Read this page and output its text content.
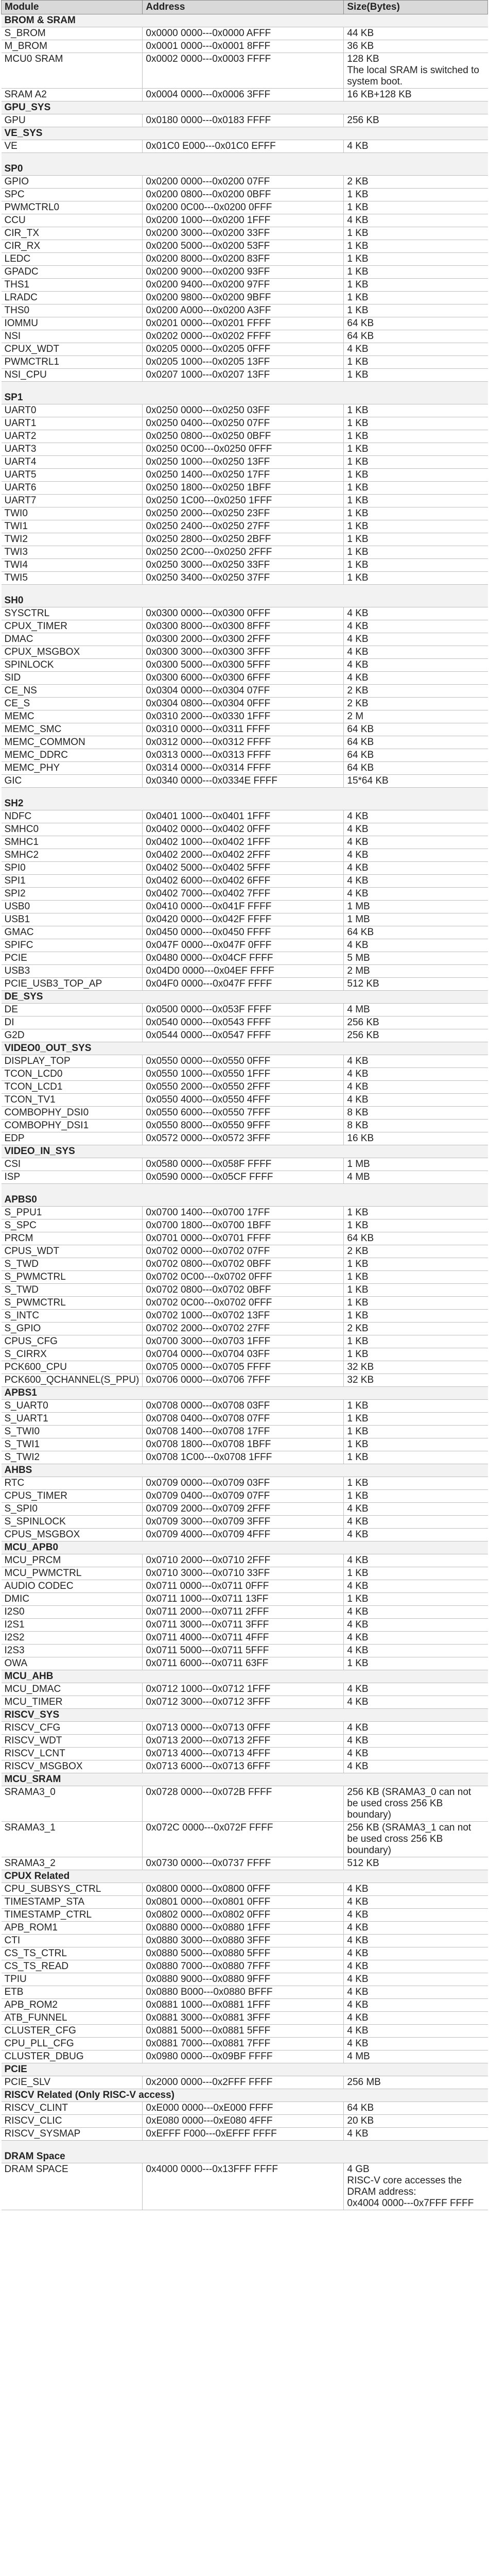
Module	Address	Size(Bytes)
BROM & SRAM		
S_BROM	0x0000 0000---0x0000 AFFF	44 KB
M_BROM	0x0001 0000---0x0001 8FFF	36 KB
MCU0 SRAM	0x0002 0000---0x0003 FFFF	128 KB
The local SRAM is switched to system boot.
SRAM A2	0x0004 0000---0x0006 3FFF	16 KB+128 KB
GPU_SYS		
GPU	0x0180 0000---0x0183 FFFF	256 KB
VE_SYS		
VE	0x01C0 E000---0x01C0 EFFF	4 KB
SP0		
GPIO	0x0200 0000---0x0200 07FF	2 KB
SPC	0x0200 0800---0x0200 0BFF	1 KB
PWMCTRL0	0x0200 0C00---0x0200 0FFF	1 KB
CCU	0x0200 1000---0x0200 1FFF	4 KB
CIR_TX	0x0200 3000---0x0200 33FF	1 KB
CIR_RX	0x0200 5000---0x0200 53FF	1 KB
LEDC	0x0200 8000---0x0200 83FF	1 KB
GPADC	0x0200 9000---0x0200 93FF	1 KB
THS1	0x0200 9400---0x0200 97FF	1 KB
LRADC	0x0200 9800---0x0200 9BFF	1 KB
THS0	0x0200 A000---0x0200 A3FF	1 KB
IOMMU	0x0201 0000---0x0201 FFFF	64 KB
NSI	0x0202 0000---0x0202 FFFF	64 KB
CPUX_WDT	0x0205 0000---0x0205 0FFF	4 KB
PWMCTRL1	0x0205 1000---0x0205 13FF	1 KB
NSI_CPU	0x0207 1000---0x0207 13FF	1 KB
SP1		
UART0	0x0250 0000---0x0250 03FF	1 KB
UART1	0x0250 0400---0x0250 07FF	1 KB
UART2	0x0250 0800---0x0250 0BFF	1 KB
UART3	0x0250 0C00---0x0250 0FFF	1 KB
UART4	0x0250 1000---0x0250 13FF	1 KB
UART5	0x0250 1400---0x0250 17FF	1 KB
UART6	0x0250 1800---0x0250 1BFF	1 KB
UART7	0x0250 1C00---0x0250 1FFF	1 KB
TWI0	0x0250 2000---0x0250 23FF	1 KB
TWI1	0x0250 2400---0x0250 27FF	1 KB
TWI2	0x0250 2800---0x0250 2BFF	1 KB
TWI3	0x0250 2C00---0x0250 2FFF	1 KB
TWI4	0x0250 3000---0x0250 33FF	1 KB
TWI5	0x0250 3400---0x0250 37FF	1 KB
SH0		
SYSCTRL	0x0300 0000---0x0300 0FFF	4 KB
CPUX_TIMER	0x0300 8000---0x0300 8FFF	4 KB
DMAC	0x0300 2000---0x0300 2FFF	4 KB
CPUX_MSGBOX	0x0300 3000---0x0300 3FFF	4 KB
SPINLOCK	0x0300 5000---0x0300 5FFF	4 KB
SID	0x0300 6000---0x0300 6FFF	4 KB
CE_NS	0x0304 0000---0x0304 07FF	2 KB
CE_S	0x0304 0800---0x0304 0FFF	2 KB
MEMC	0x0310 2000---0x0330 1FFF	2 M
MEMC_SMC	0x0310 0000---0x0311 FFFF	64 KB
MEMC_COMMON	0x0312 0000---0x0312 FFFF	64 KB
MEMC_DDRC	0x0313 0000---0x0313 FFFF	64 KB
MEMC_PHY	0x0314 0000---0x0314 FFFF	64 KB
GIC	0x0340 0000---0x0334E FFFF	15*64 KB
SH2		
NDFC	0x0401 1000---0x0401 1FFF	4 KB
SMHC0	0x0402 0000---0x0402 0FFF	4 KB
SMHC1	0x0402 1000---0x0402 1FFF	4 KB
SMHC2	0x0402 2000---0x0402 2FFF	4 KB
SPI0	0x0402 5000---0x0402 5FFF	4 KB
SPI1	0x0402 6000---0x0402 6FFF	4 KB
SPI2	0x0402 7000---0x0402 7FFF	4 KB
USB0	0x0410 0000---0x041F FFFF	1 MB
USB1	0x0420 0000---0x042F FFFF	1 MB
GMAC	0x0450 0000---0x0450 FFFF	64 KB
SPIFC	0x047F 0000---0x047F 0FFF	4 KB
PCIE	0x0480 0000---0x04CF FFFF	5 MB
USB3	0x04D0 0000---0x04EF FFFF	2 MB
PCIE_USB3_TOP_AP	0x04F0 0000---0x047F FFFF	512 KB
DE_SYS		
DE	0x0500 0000---0x053F FFFF	4 MB
DI	0x0540 0000---0x0543 FFFF	256 KB
G2D	0x0544 0000---0x0547 FFFF	256 KB
VIDEO0_OUT_SYS		
DISPLAY_TOP	0x0550 0000---0x0550 0FFF	4 KB
TCON_LCD0	0x0550 1000---0x0550 1FFF	4 KB
TCON_LCD1	0x0550 2000---0x0550 2FFF	4 KB
TCON_TV1	0x0550 4000---0x0550 4FFF	4 KB
COMBOPHY_DSI0	0x0550 6000---0x0550 7FFF	8 KB
COMBOPHY_DSI1	0x0550 8000---0x0550 9FFF	8 KB
EDP	0x0572 0000---0x0572 3FFF	16 KB
VIDEO_IN_SYS		
CSI	0x0580 0000---0x058F FFFF	1 MB
ISP	0x0590 0000---0x05CF FFFF	4 MB
APBS0		
S_PPU1	0x0700 1400---0x0700 17FF	1 KB
S_SPC	0x0700 1800---0x0700 1BFF	1 KB
PRCM	0x0701 0000---0x0701 FFFF	64 KB
CPUS_WDT	0x0702 0000---0x0702 07FF	2 KB
S_TWD	0x0702 0800---0x0702 0BFF	1 KB
S_PWMCTRL	0x0702 0C00---0x0702 0FFF	1 KB
S_TWD	0x0702 0800---0x0702 0BFF	1 KB
S_PWMCTRL	0x0702 0C00---0x0702 0FFF	1 KB
S_INTC	0x0702 1000---0x0702 13FF	1 KB
S_GPIO	0x0702 2000---0x0702 27FF	2 KB
CPUS_CFG	0x0700 3000---0x0703 1FFF	1 KB
S_CIRRX	0x0704 0000---0x0704 03FF	1 KB
PCK600_CPU	0x0705 0000---0x0705 FFFF	32 KB
PCK600_QCHANNEL(S_PPU)	0x0706 0000---0x0706 7FFF	32 KB
APBS1		
S_UART0	0x0708 0000---0x0708 03FF	1 KB
S_UART1	0x0708 0400---0x0708 07FF	1 KB
S_TWI0	0x0708 1400---0x0708 17FF	1 KB
S_TWI1	0x0708 1800---0x0708 1BFF	1 KB
S_TWI2	0x0708 1C00---0x0708 1FFF	1 KB
AHBS		
RTC	0x0709 0000---0x0709 03FF	1 KB
CPUS_TIMER	0x0709 0400---0x0709 07FF	1 KB
S_SPI0	0x0709 2000---0x0709 2FFF	4 KB
S_SPINLOCK	0x0709 3000---0x0709 3FFF	4 KB
CPUS_MSGBOX	0x0709 4000---0x0709 4FFF	4 KB
MCU_APB0		
MCU_PRCM	0x0710 2000---0x0710 2FFF	4 KB
MCU_PWMCTRL	0x0710 3000---0x0710 33FF	1 KB
AUDIO CODEC	0x0711 0000---0x0711 0FFF	4 KB
DMIC	0x0711 1000---0x0711 13FF	1 KB
I2S0	0x0711 2000---0x0711 2FFF	4 KB
I2S1	0x0711 3000---0x0711 3FFF	4 KB
I2S2	0x0711 4000---0x0711 4FFF	4 KB
I2S3	0x0711 5000---0x0711 5FFF	4 KB
OWA	0x0711 6000---0x0711 63FF	1 KB
MCU_AHB		
MCU_DMAC	0x0712 1000---0x0712 1FFF	4 KB
MCU_TIMER	0x0712 3000---0x0712 3FFF	4 KB
RISCV_SYS		
RISCV_CFG	0x0713 0000---0x0713 0FFF	4 KB
RISCV_WDT	0x0713 2000---0x0713 2FFF	4 KB
RISCV_LCNT	0x0713 4000---0x0713 4FFF	4 KB
RISCV_MSGBOX	0x0713 6000---0x0713 6FFF	4 KB
MCU_SRAM		
SRAMA3_0	0x0728 0000---0x072B FFFF	256 KB (SRAMA3_0 can not be used cross 256 KB boundary)
SRAMA3_1	0x072C 0000---0x072F FFFF	256 KB (SRAMA3_1 can not be used cross 256 KB boundary)
SRAMA3_2	0x0730 0000---0x0737 FFFF	512 KB
CPUX Related		
CPU_SUBSYS_CTRL	0x0800 0000---0x0800 0FFF	4 KB
TIMESTAMP_STA	0x0801 0000---0x0801 0FFF	4 KB
TIMESTAMP_CTRL	0x0802 0000---0x0802 0FFF	4 KB
APB_ROM1	0x0880 0000---0x0880 1FFF	4 KB
CTI	0x0880 3000---0x0880 3FFF	4 KB
CS_TS_CTRL	0x0880 5000---0x0880 5FFF	4 KB
CS_TS_READ	0x0880 7000---0x0880 7FFF	4 KB
TPIU	0x0880 9000---0x0880 9FFF	4 KB
ETB	0x0880 B000---0x0880 BFFF	4 KB
APB_ROM2	0x0881 1000---0x0881 1FFF	4 KB
ATB_FUNNEL	0x0881 3000---0x0881 3FFF	4 KB
CLUSTER_CFG	0x0881 5000---0x0881 5FFF	4 KB
CPU_PLL_CFG	0x0881 7000---0x0881 7FFF	4 KB
CLUSTER_DBUG	0x0980 0000---0x09BF FFFF	4 MB
PCIE		
PCIE_SLV	0x2000 0000---0x2FFF FFFF	256 MB
RISCV Related (Only RISC-V access)		
RISCV_CLINT	0xE000 0000---0xE000 FFFF	64 KB
RISCV_CLIC	0xE080 0000---0xE080 4FFF	20 KB
RISCV_SYSMAP	0xEFFF F000---0xEFFF FFFF	4 KB
DRAM Space		
DRAM SPACE	0x4000 0000---0x13FFF FFFF	4 GB
RISC-V core accesses the DRAM address:
0x4004 0000---0x7FFF FFFF
